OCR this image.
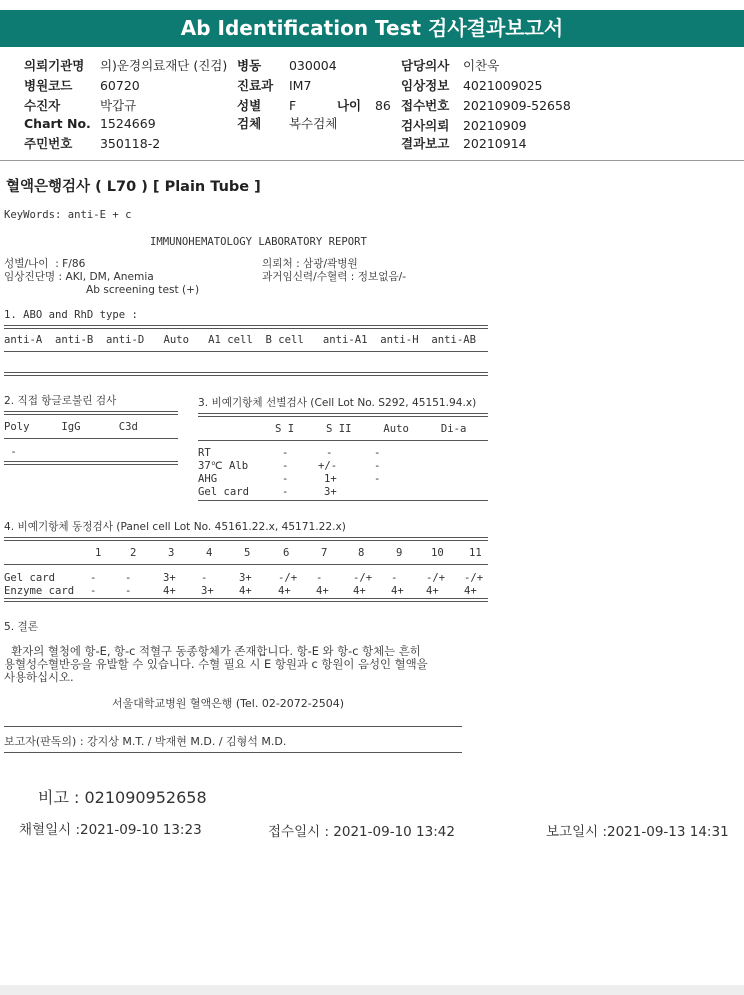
Ab Identification Test 검사결과보고서
의뢰기관명 의)운경의료재단 (진검) 병동 030004	담당의사 이찬욱
병원코드 60720	진료과 IM7	임상정보 4021009025
수진자	박갑규	성별 F	나이 86 접수번호 20210909-52658
Chart No. 1524669	검체 복수검체	검사의뢰 20210909
주민번호 350118-2	결과보고 20210914
혈액은행검사 ( L70 ) [ Plain Tube ]
KeyWords: anti-E + c
IMMUNOHEMATOLOGY LABORATORY REPORT
성별/나이  : F/86	의뢰처 : 삼광/곽병원
임상진단명 : AKI, DM, Anemia	과거임신력/수혈력 : 정보없음/-
Ab screening test (+)
1. ABO and RhD type :
anti-A  anti-B  anti-D   Auto   A1 cell  B cell   anti-A1  anti-H  anti-AB
2. 직접 항글로불린 검사
Poly     IgG      C3d
-
3. 비예기항체 선별검사 (Cell Lot No. S292, 45151.94.x)
S I     S II     Auto     Di-a
RT	-	-	-
37℃ Alb	-	+/-	-
AHG	-	1+	-
Gel card	-	3+
4. 비예기항체 동정검사 (Panel cell Lot No. 45161.22.x, 45171.22.x)
1	2	3	4	5	6	7	8	9	10 11
Gel card	-	-	3+ -	3+ -/+ -	-/+ -	-/+ -/+
Enzyme card -	-	4+ 3+ 4+ 4+ 4+ 4+ 4+ 4+ 4+
5. 결론
환자의 혈청에 항-E, 항-c 적혈구 동종항체가 존재합니다. 항-E 와 항-c 항체는 흔히
용혈성수혈반응을 유발할 수 있습니다. 수혈 필요 시 E 항원과 c 항원이 음성인 혈액을
사용하십시오.
서울대학교병원 혈액은행 (Tel. 02-2072-2504)
보고자(판독의) : 강지상 M.T. / 박재현 M.D. / 김형석 M.D.
비고 : 021090952658
채혈일시 :2021-09-10 13:23	접수일시 : 2021-09-10 13:42	보고일시 :2021-09-13 14:31
